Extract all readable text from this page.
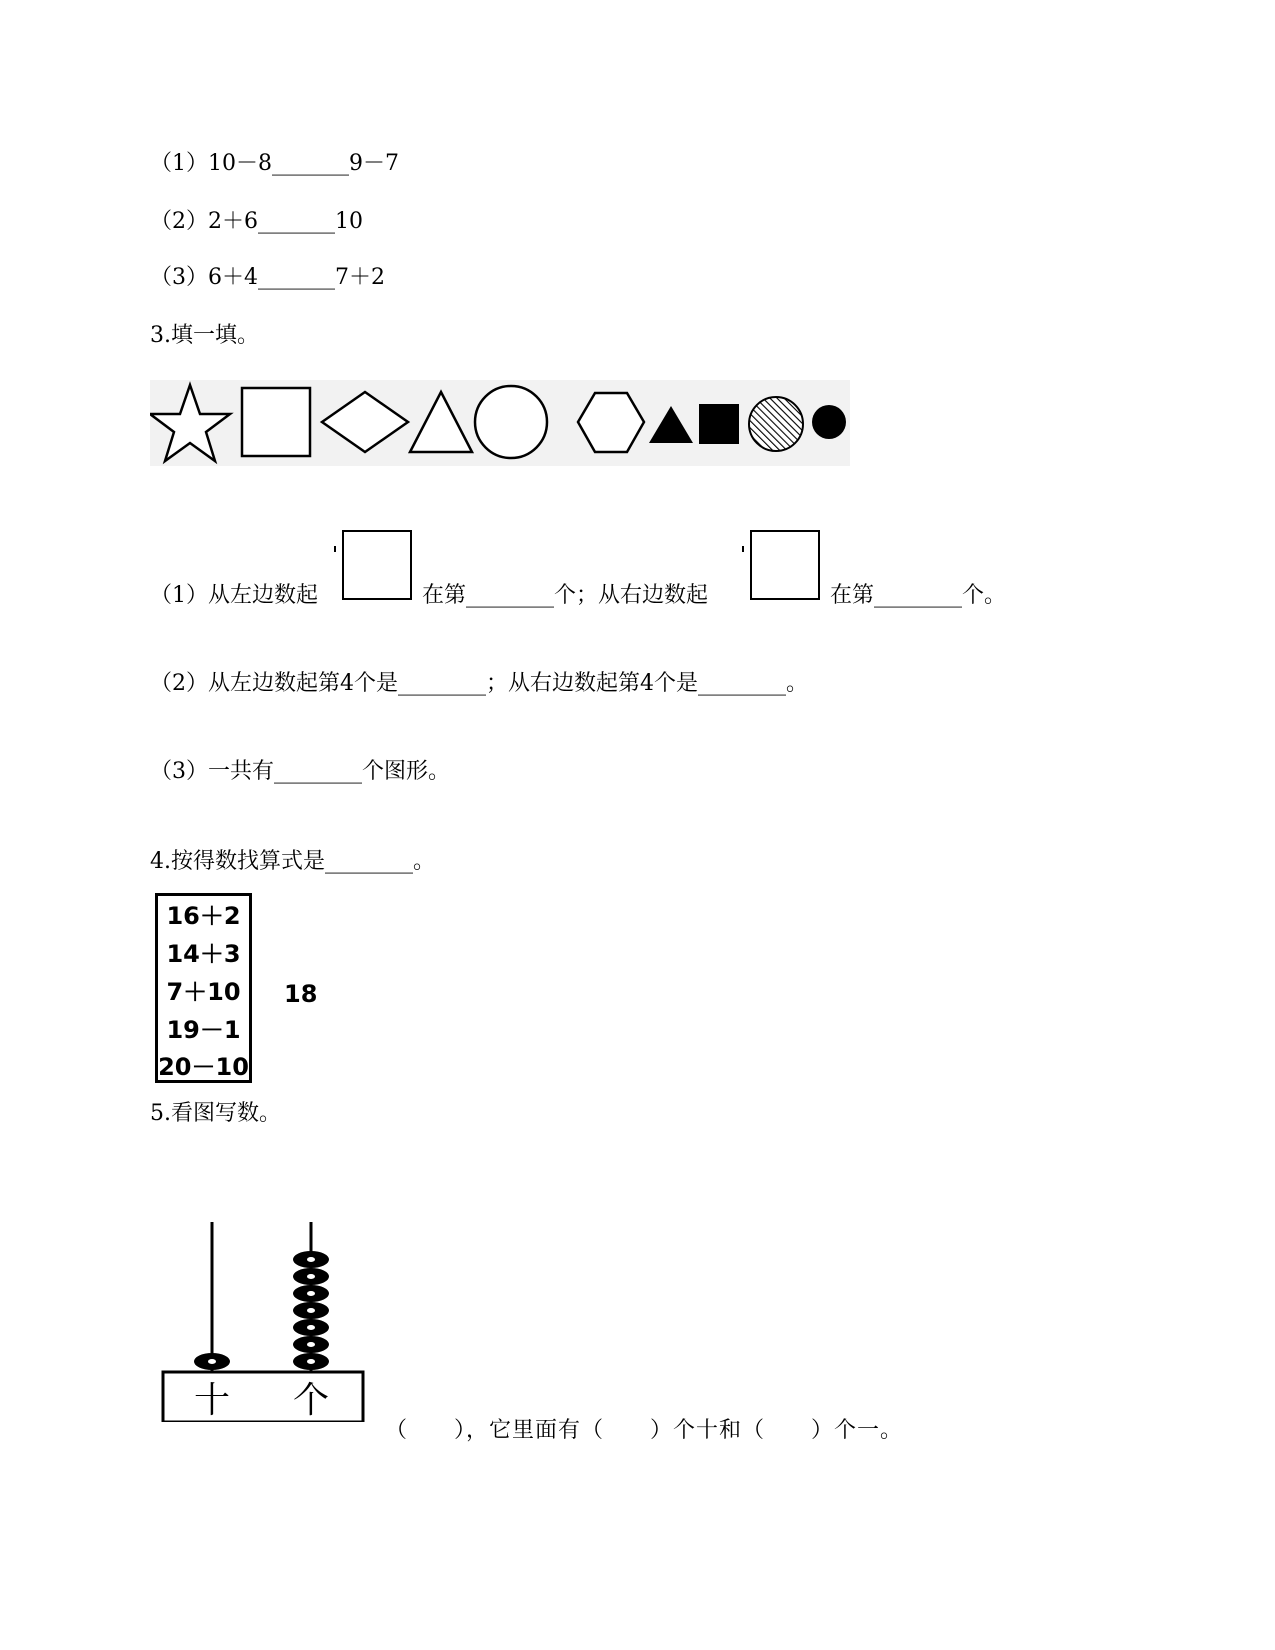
（1）10－8_______9－7
（2）2＋6_______10
（3）6＋4_______7＋2
3.填一填。
（1）从左边数起	在第________个；从右边数起	在第________个。
（2）从左边数起第4个是________；从右边数起第4个是________。
（3）一共有________个图形。
4.按得数找算式是________。
16＋2
14＋3
7＋10
19－1
20－10
18
5.看图写数。
十 个
（　　），它里面有（　　）个十和（　　）个一。
